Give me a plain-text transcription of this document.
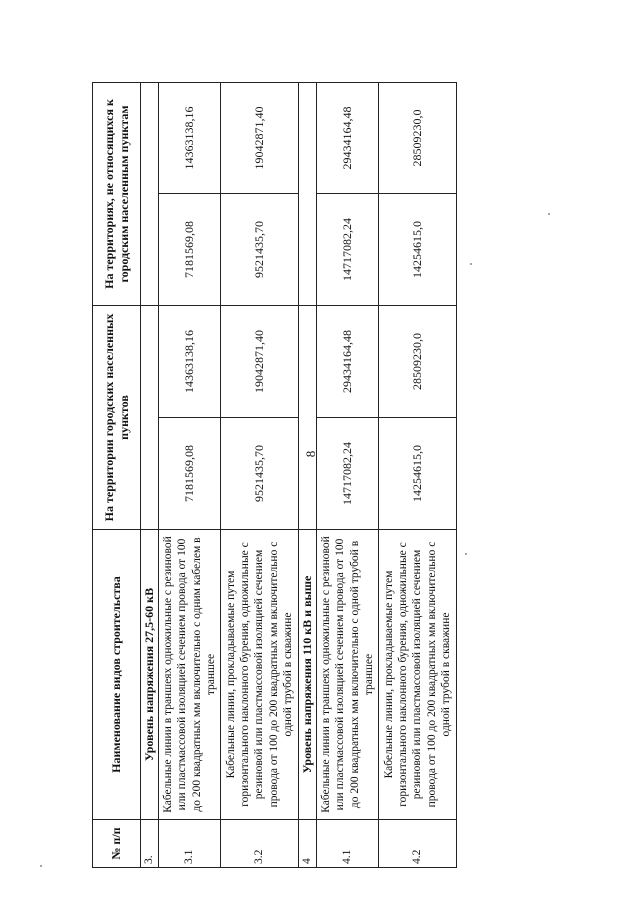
8
№ п/п	Наименование видов строительства	На территории городских населенных пунктов		На территориях, не относящихся к городским населенным пунктам	
3.	Уровень напряжения 27,5-60 кВ				
3.1	Кабельные линии в траншеях одножильные с резиновой или пластмассовой изоляцией сечением провода от 100 до 200 квадратных мм включительно с одним кабелем в траншее	7181569,08	14363138,16	7181569,08	14363138,16
3.2	Кабельные линии, прокладываемые путем горизонтального наклонного бурения, одножильные с резиновой или пластмассовой изоляцией сечением провода от 100 до 200 квадратных мм включительно с одной трубой в скважине	9521435,70	19042871,40	9521435,70	19042871,40
4	Уровень напряжения 110 кВ и выше				
4.1	Кабельные линии в траншеях одножильные с резиновой или пластмассовой изоляцией сечением провода от 100 до 200 квадратных мм включительно с одной трубой в траншее	14717082,24	29434164,48	14717082,24	29434164,48
4.2	Кабельные линии, прокладываемые путем горизонтального наклонного бурения, одножильные с резиновой или пластмассовой изоляцией сечением провода от 100 до 200 квадратных мм включительно с одной трубой в скважине	14254615,0	28509230,0	14254615,0	28509230,0
